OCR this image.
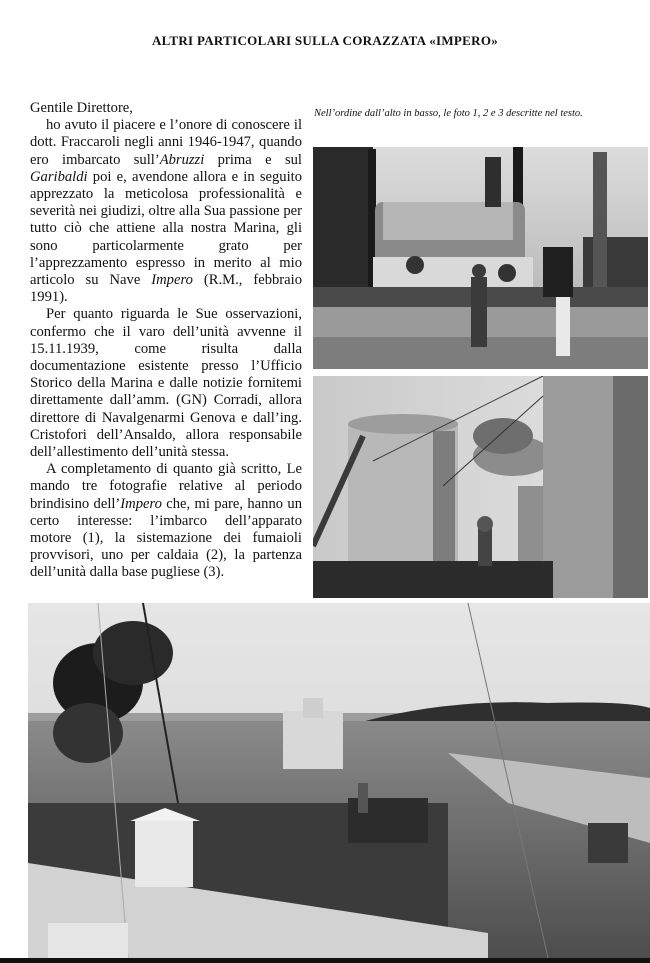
ALTRI PARTICOLARI SULLA CORAZZATA «IMPERO»

Gentile Direttore,

ho avuto il piacere e l’onore di conoscere il dott. Fraccaroli negli anni 1946-1947, quando ero imbarcato sull’Abruzzi prima e sul Garibaldi poi e, avendone allora e in seguito apprezzato la meticolosa professionalità e severità nei giudizi, oltre alla Sua passione per tutto ciò che attiene alla nostra Marina, gli sono particolarmente grato per l’apprezzamento espresso in merito al mio articolo su Nave Impero (R.M., febbraio 1991).

Per quanto riguarda le Sue osservazioni, confermo che il varo dell’unità avvenne il 15.11.1939, come risulta dalla documentazione esistente presso l’Ufficio Storico della Marina e dalle notizie fornitemi direttamente dall’amm. (GN) Corradi, allora direttore di Navalgenarmi Genova e dall’ing. Cristofori dell’Ansaldo, allora responsabile dell’allestimento dell’unità stessa.

A completamento di quanto già scritto, Le mando tre fotografie relative al periodo brindisino dell’Impero che, mi pare, hanno un certo interesse: l’imbarco dell’apparato motore (1), la sistemazione dei fumaioli provvisori, uno per caldaia (2), la partenza dell’unità dalla base pugliese (3).

Nell’ordine dall’alto in basso, le foto 1, 2 e 3 descritte nel testo.
